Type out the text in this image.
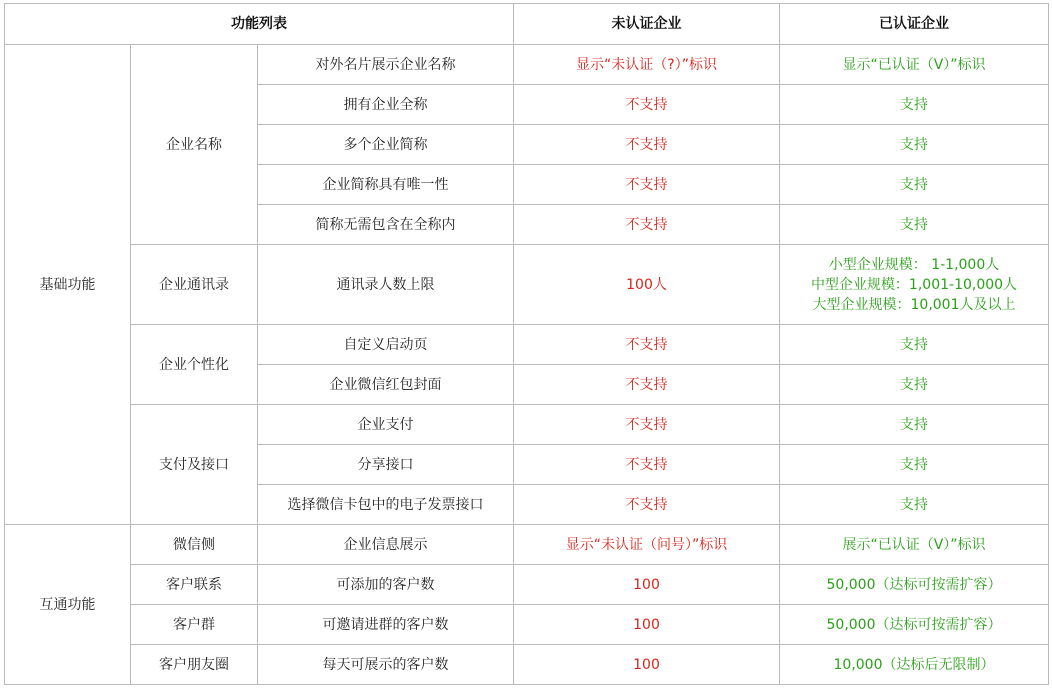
功能列表			未认证企业	已认证企业
基础功能	企业名称	对外名片展示企业名称	显示“未认证（?）”标识	显示“已认证（V）”标识
		拥有企业全称	不支持	支持
		多个企业简称	不支持	支持
		企业简称具有唯一性	不支持	支持
		简称无需包含在全称内	不支持	支持
	企业通讯录	通讯录人数上限	100人	小型企业规模： 1-1,000人
中型企业规模：1,001-10,000人
大型企业规模：10,001人及以上

	企业个性化	自定义启动页	不支持	支持
		企业微信红包封面	不支持	支持
	支付及接口	企业支付	不支持	支持
		分享接口	不支持	支持
		选择微信卡包中的电子发票接口	不支持	支持
互通功能	微信侧	企业信息展示	显示“未认证（问号）”标识	展示“已认证（V）”标识
	客户联系	可添加的客户数	100	50,000（达标可按需扩容）
	客户群	可邀请进群的客户数	100	50,000（达标可按需扩容）
	客户朋友圈	每天可展示的客户数	100	10,000（达标后无限制）
